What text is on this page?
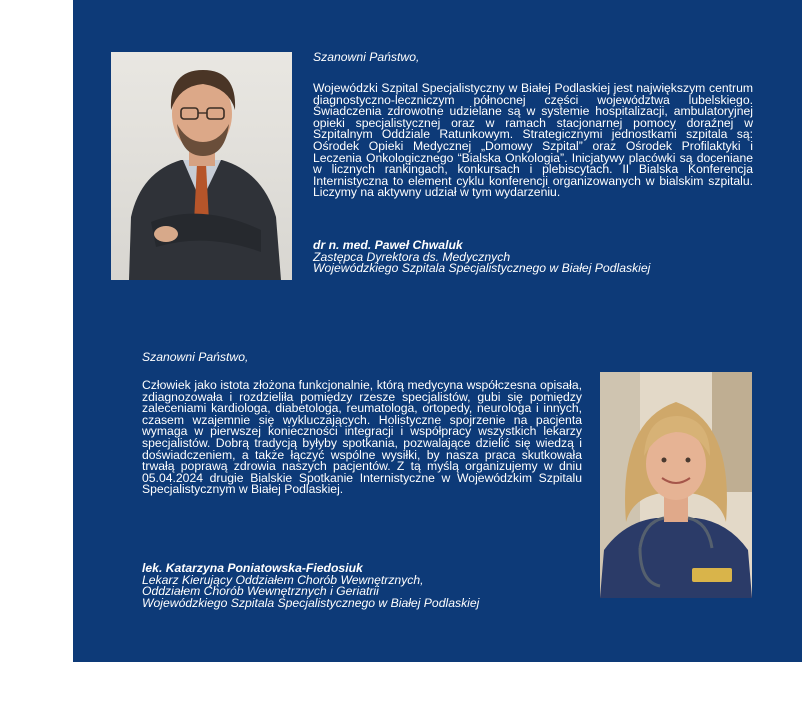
Szanowni Państwo,
Wojewódzki Szpital Specjalistyczny w Białej Podlaskiej jest największym centrum diagnostyczno-leczniczym północnej części województwa lubelskiego. Świadczenia zdrowotne udzielane są w systemie hospitalizacji, ambulatoryjnej opieki specjalistycznej oraz w ramach stacjonarnej pomocy doraźnej w Szpitalnym Oddziale Ratunkowym. Strategicznymi jednostkami szpitala są: Ośrodek Opieki Medycznej „Domowy Szpital” oraz Ośrodek Profilaktyki i Leczenia Onkologicznego “Bialska Onkologia”. Inicjatywy placówki są doceniane w licznych rankingach, konkursach i plebiscytach. II Bialska Konferencja Internistyczna to element cyklu konferencji organizowanych w bialskim szpitalu. Liczymy na aktywny udział w tym wydarzeniu.
dr n. med. Paweł Chwaluk
Zastępca Dyrektora ds. Medycznych
Wojewódzkiego Szpitala Specjalistycznego w Białej Podlaskiej
Szanowni Państwo,
Człowiek jako istota złożona funkcjonalnie, którą medycyna współczesna opisała, zdiagnozowała i rozdzieliła pomiędzy rzesze specjalistów, gubi się pomiędzy zaleceniami kardiologa, diabetologa, reumatologa, ortopedy, neurologa i innych, czasem wzajemnie się wykluczających. Holistyczne spojrzenie na pacjenta wymaga w pierwszej konieczności integracji i współpracy wszystkich lekarzy specjalistów. Dobrą tradycją byłyby spotkania, pozwalające dzielić się wiedzą i doświadczeniem, a także łączyć wspólne wysiłki, by nasza praca skutkowała trwałą poprawą zdrowia naszych pacjentów. Z tą myślą organizujemy w dniu 05.04.2024 drugie Bialskie Spotkanie Internistyczne w Wojewódzkim Szpitalu Specjalistycznym w Białej Podlaskiej.
lek. Katarzyna Poniatowska-Fiedosiuk
Lekarz Kierujący Oddziałem Chorób Wewnętrznych,
Oddziałem Chorób Wewnętrznych i Geriatrii
Wojewódzkiego Szpitala Specjalistycznego w Białej Podlaskiej
